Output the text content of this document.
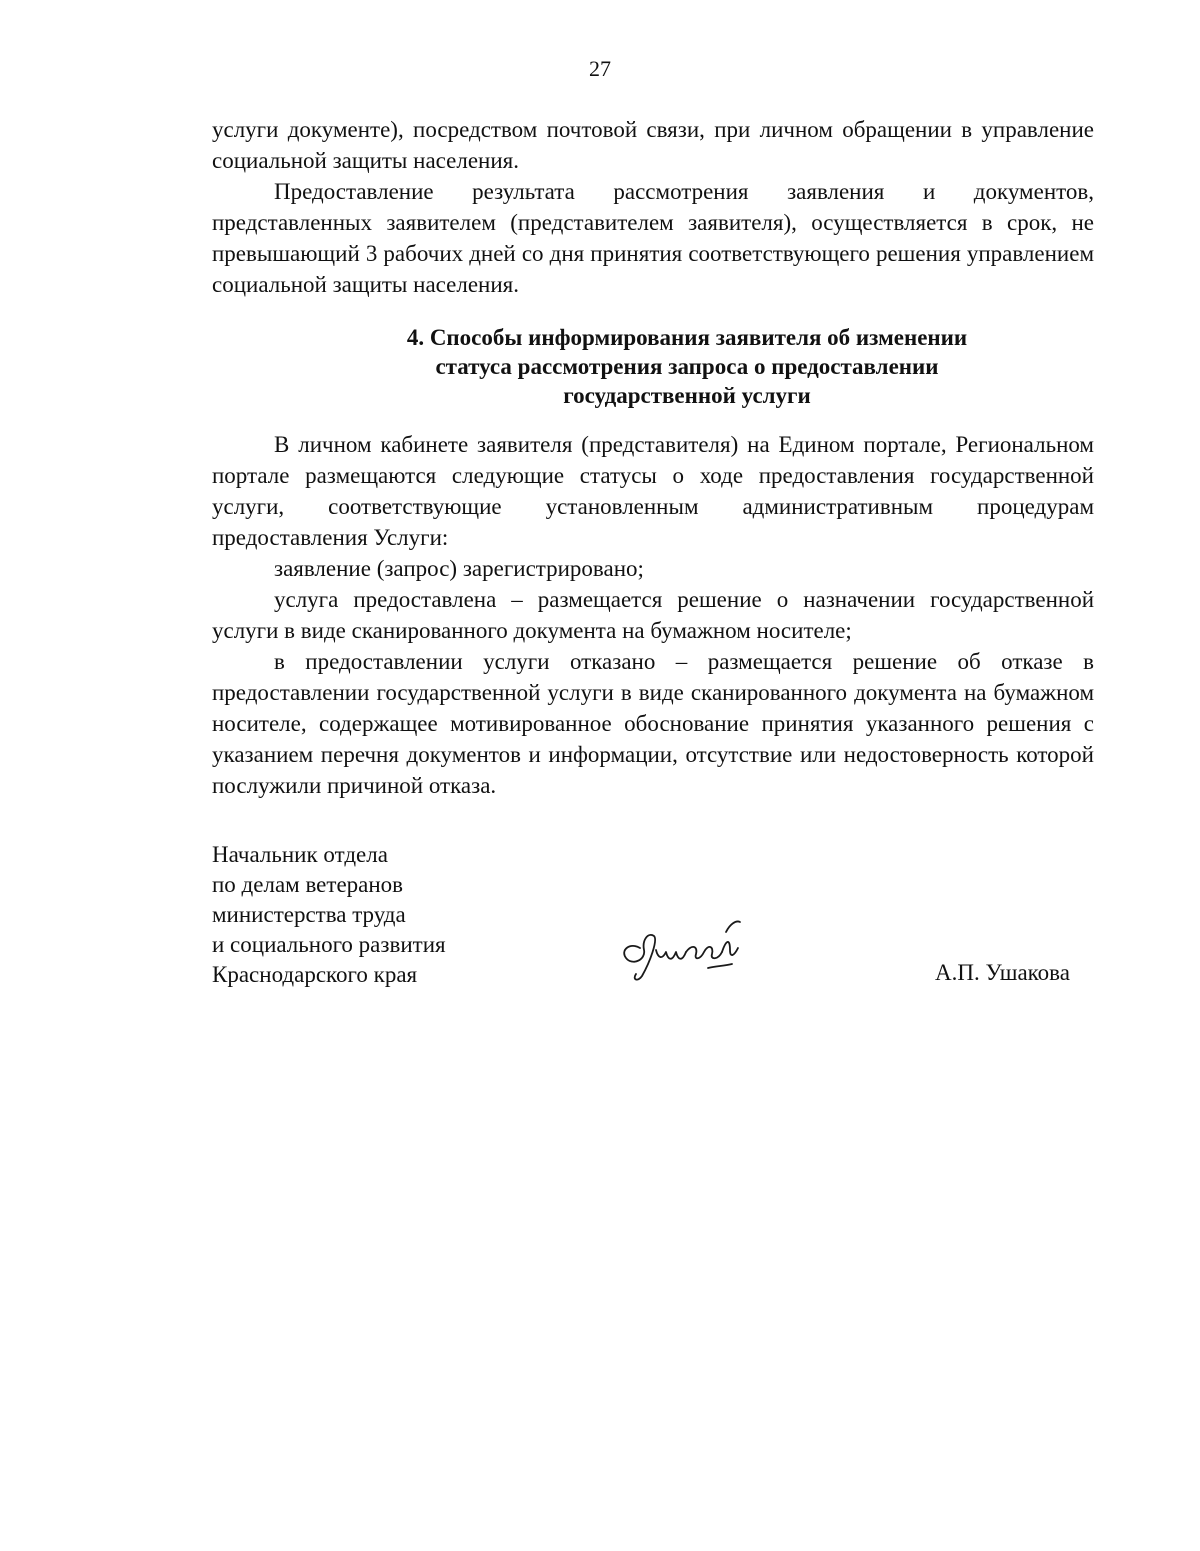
27

услуги документе), посредством почтовой связи, при личном обращении в управление социальной защиты населения.

Предоставление результата рассмотрения заявления и документов, представленных заявителем (представителем заявителя), осуществляется в срок, не превышающий 3 рабочих дней со дня принятия соответствующего решения управлением социальной защиты населения.

4. Способы информирования заявителя об изменении
статуса рассмотрения запроса о предоставлении
государственной услуги

В личном кабинете заявителя (представителя) на Едином портале, Региональном портале размещаются следующие статусы о ходе предоставления государственной услуги, соответствующие установленным административным процедурам предоставления Услуги:

заявление (запрос) зарегистрировано;

услуга предоставлена – размещается решение о назначении государственной услуги в виде сканированного документа на бумажном носителе;

в предоставлении услуги отказано – размещается решение об отказе в предоставлении государственной услуги в виде сканированного документа на бумажном носителе, содержащее мотивированное обоснование принятия указанного решения с указанием перечня документов и информации, отсутствие или недостоверность которой послужили причиной отказа.

Начальник отдела
по делам ветеранов
министерства труда
и социального развития
Краснодарского края	А.П. Ушакова
